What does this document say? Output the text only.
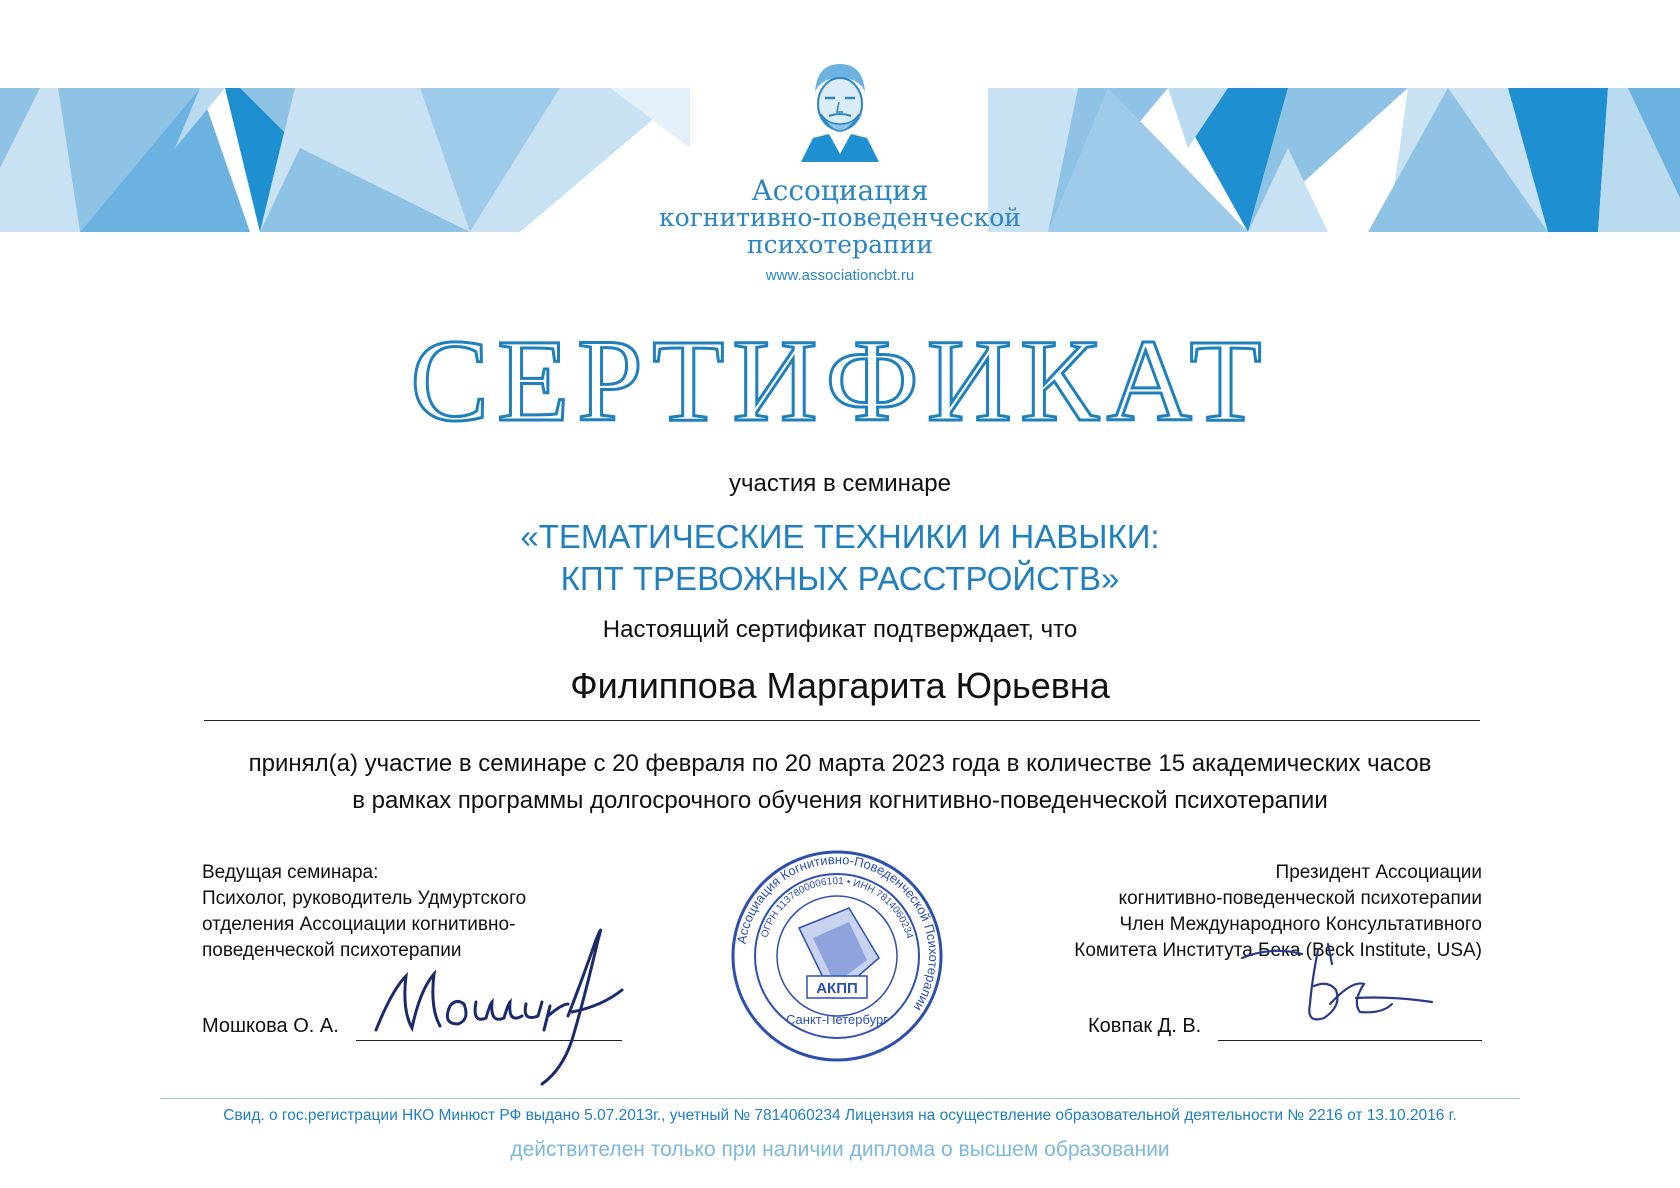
Ассоциация
когнитивно-поведенческой
психотерапии
www.associationcbt.ru
СЕРТИФИКАТ
участия в семинаре
«ТЕМАТИЧЕСКИЕ ТЕХНИКИ И НАВЫКИ:
КПТ ТРЕВОЖНЫХ РАССТРОЙСТВ»
Настоящий сертификат подтверждает, что
Филиппова Маргарита Юрьевна
принял(а) участие в семинаре с 20 февраля по 20 марта 2023 года в количестве 15 академических часов
в рамках программы долгосрочного обучения когнитивно-поведенческой психотерапии
Ведущая семинара:
Психолог, руководитель Удмуртского
отделения Ассоциации когнитивно-
поведенческой психотерапии
Мошкова О. А.
Ассоциация Когнитивно-Поведенческой Психотерапии
ОГРН 1137800006101 • ИНН 7814060234
АКПП
Санкт-Петербург
Президент Ассоциации
когнитивно-поведенческой психотерапии
Член Международного Консультативного
Комитета Института Бека (Beck Institute, USA)
Ковпак Д. В.
Свид. о гос.регистрации НКО Минюст РФ выдано 5.07.2013г., учетный № 7814060234 Лицензия на осуществление образовательной деятельности № 2216 от 13.10.2016 г.
действителен только при наличии диплома о высшем образовании
